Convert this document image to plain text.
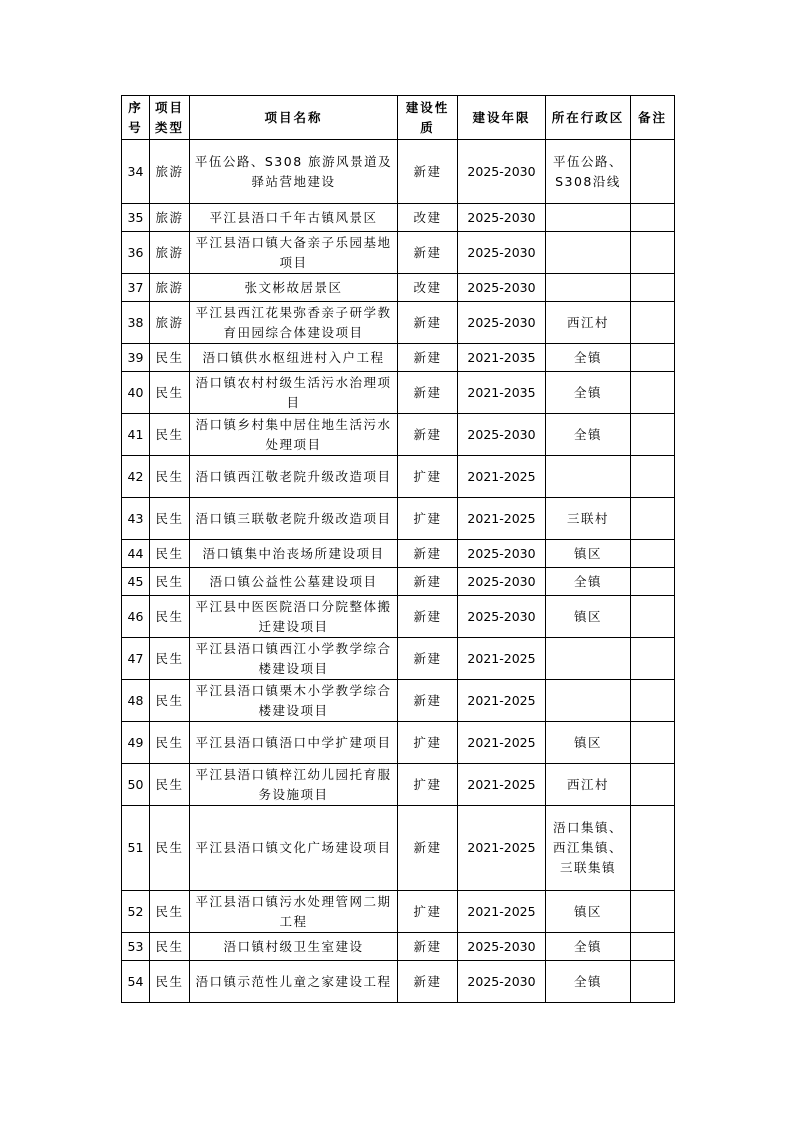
序号	项目类型	项目名称	建设性质	建设年限	所在行政区	备注
34	旅游	平伍公路、S308 旅游风景道及驿站营地建设	新建	2025-2030	平伍公路、S308沿线	
35	旅游	平江县浯口千年古镇风景区	改建	2025-2030		
36	旅游	平江县浯口镇大备亲子乐园基地项目	新建	2025-2030		
37	旅游	张文彬故居景区	改建	2025-2030		
38	旅游	平江县西江花果弥香亲子研学教育田园综合体建设项目	新建	2025-2030	西江村	
39	民生	浯口镇供水枢纽进村入户工程	新建	2021-2035	全镇	
40	民生	浯口镇农村村级生活污水治理项目	新建	2021-2035	全镇	
41	民生	浯口镇乡村集中居住地生活污水处理项目	新建	2025-2030	全镇	
42	民生	浯口镇西江敬老院升级改造项目	扩建	2021-2025		
43	民生	浯口镇三联敬老院升级改造项目	扩建	2021-2025	三联村	
44	民生	浯口镇集中治丧场所建设项目	新建	2025-2030	镇区	
45	民生	浯口镇公益性公墓建设项目	新建	2025-2030	全镇	
46	民生	平江县中医医院浯口分院整体搬迁建设项目	新建	2025-2030	镇区	
47	民生	平江县浯口镇西江小学教学综合楼建设项目	新建	2021-2025		
48	民生	平江县浯口镇栗木小学教学综合楼建设项目	新建	2021-2025		
49	民生	平江县浯口镇浯口中学扩建项目	扩建	2021-2025	镇区	
50	民生	平江县浯口镇梓江幼儿园托育服务设施项目	扩建	2021-2025	西江村	
51	民生	平江县浯口镇文化广场建设项目	新建	2021-2025	浯口集镇、西江集镇、三联集镇	
52	民生	平江县浯口镇污水处理管网二期工程	扩建	2021-2025	镇区	
53	民生	浯口镇村级卫生室建设	新建	2025-2030	全镇	
54	民生	浯口镇示范性儿童之家建设工程	新建	2025-2030	全镇	
